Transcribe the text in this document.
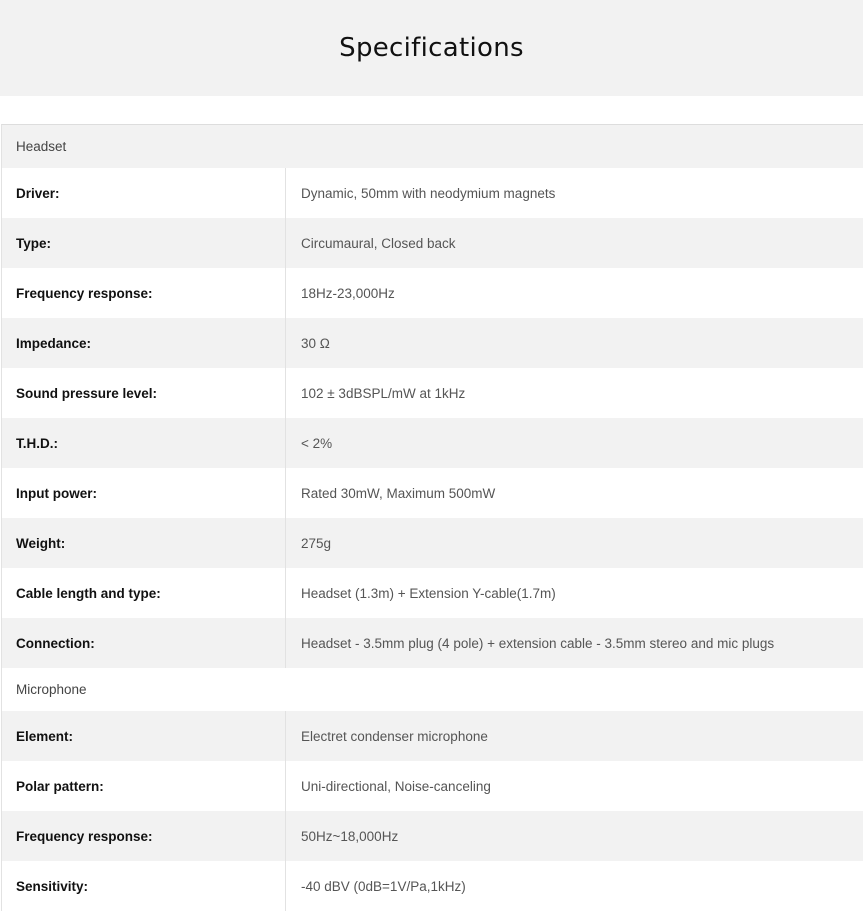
Specifications
Headset
Driver:	Dynamic, 50mm with neodymium magnets
Type:	Circumaural, Closed back
Frequency response:	18Hz-23,000Hz
Impedance:	30 Ω
Sound pressure level:	102 ± 3dBSPL/mW at 1kHz
T.H.D.:	< 2%
Input power:	Rated 30mW, Maximum 500mW
Weight:	275g
Cable length and type:	Headset (1.3m) + Extension Y-cable(1.7m)
Connection:	Headset - 3.5mm plug (4 pole) + extension cable - 3.5mm stereo and mic plugs
Microphone
Element:	Electret condenser microphone
Polar pattern:	Uni-directional, Noise-canceling
Frequency response:	50Hz~18,000Hz
Sensitivity:	-40 dBV (0dB=1V/Pa,1kHz)
